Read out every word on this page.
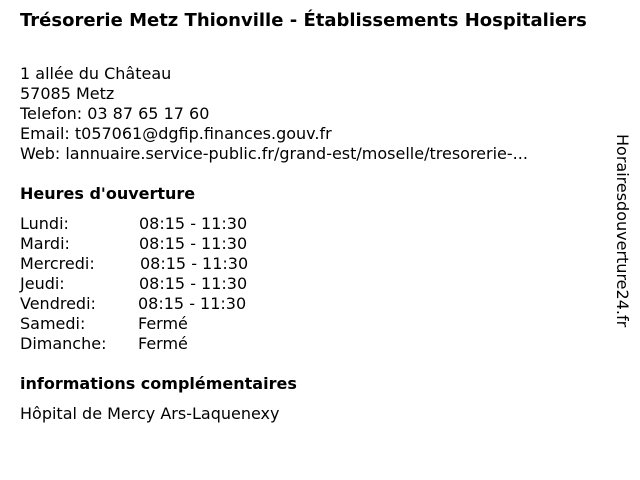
Trésorerie Metz Thionville - Établissements Hospitaliers
1 allée du Château
57085 Metz
Telefon: 03 87 65 17 60
Email: t057061@dgfip.finances.gouv.fr
Web: lannuaire.service-public.fr/grand-est/moselle/tresorerie-...
Heures d'ouverture
Lundi:	08:15 - 11:30
Mardi:	08:15 - 11:30
Mercredi:	08:15 - 11:30
Jeudi:	08:15 - 11:30
Vendredi:	08:15 - 11:30
Samedi:	Fermé
Dimanche: Fermé
informations complémentaires
Hôpital de Mercy Ars-Laquenexy
Horairesdouverture24.fr
